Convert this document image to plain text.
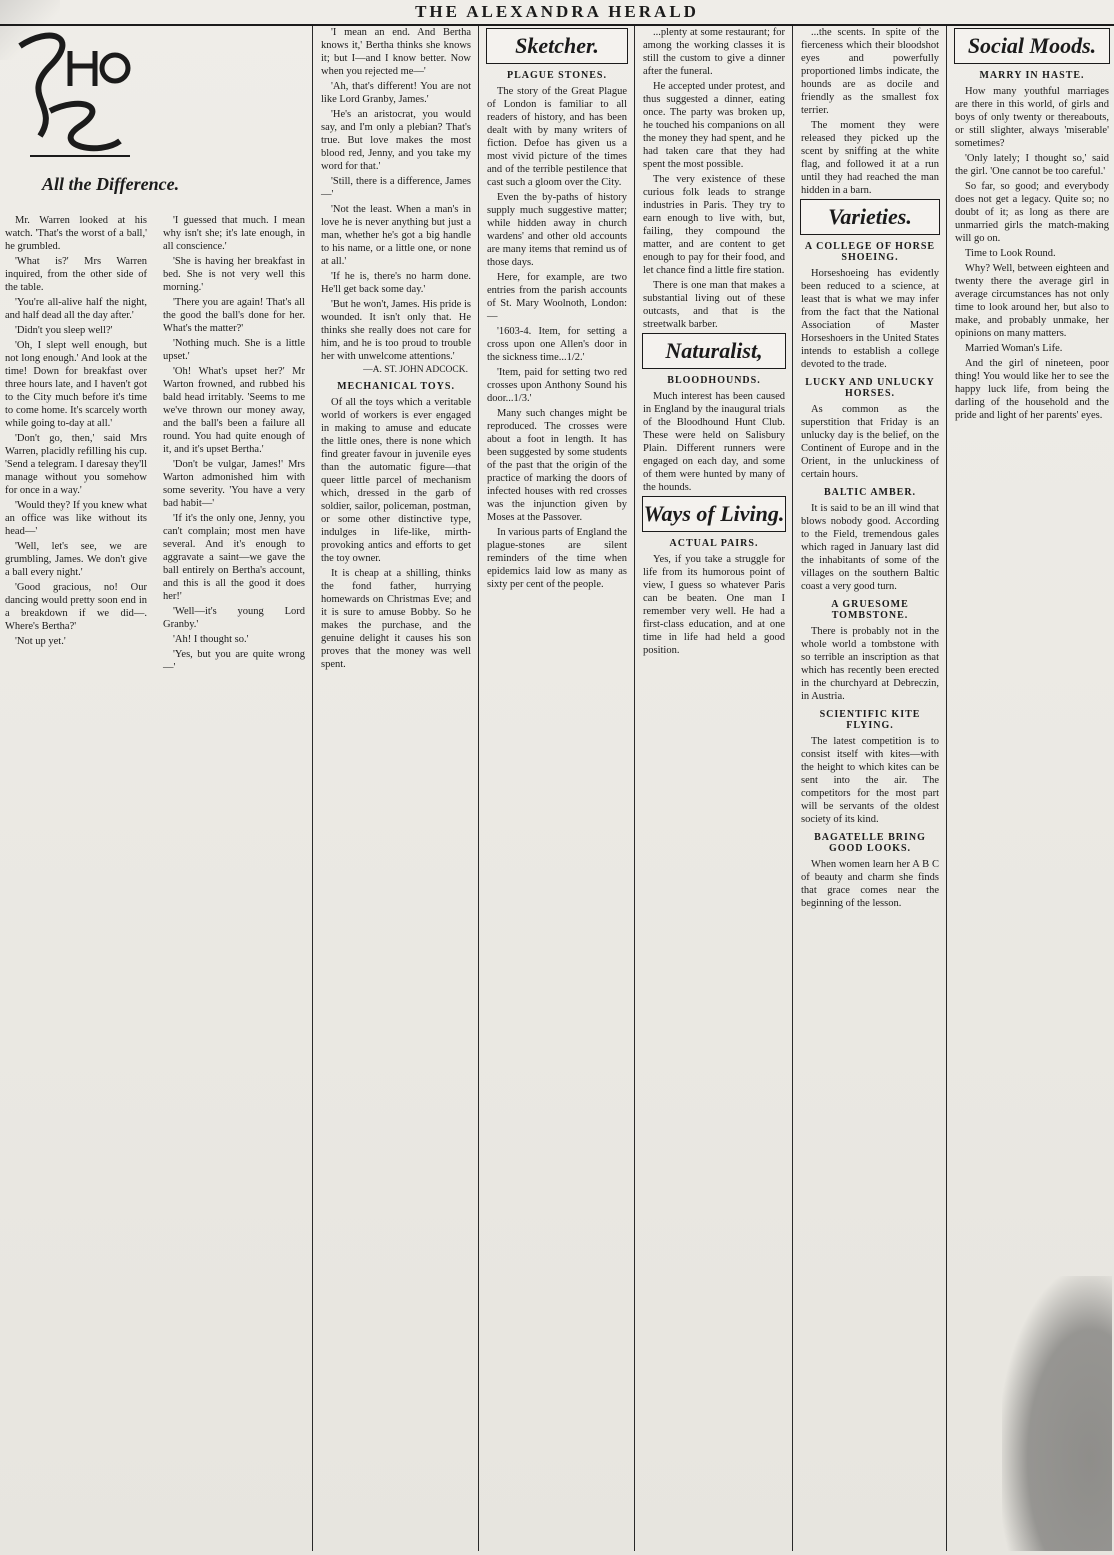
THE ALEXANDRA HERALD
All the Difference.

Mr. Warren looked at his watch. 'That's the worst of a ball,' he grumbled.

'What is?' Mrs Warren inquired, from the other side of the table.

'You're all-alive half the night, and half dead all the day after.'

'Didn't you sleep well?'

'Oh, I slept well enough, but not long enough.' And look at the time! Down for breakfast over three hours late, and I haven't got to the City much before it's time to come home. It's scarcely worth while going to-day at all.'

'Don't go, then,' said Mrs Warren, placidly refilling his cup. 'Send a telegram. I daresay they'll manage without you somehow for once in a way.'

'Would they? If you knew what an office was like without its head—'

'Well, let's see, we are grumbling, James. We don't give a ball every night.'

'Good gracious, no! Our dancing would pretty soon end in a breakdown if we did—. Where's Bertha?'

'Not up yet.'

'I guessed that much. I mean why isn't she; it's late enough, in all conscience.'

'She is having her breakfast in bed. She is not very well this morning.'

'There you are again! That's all the good the ball's done for her. What's the matter?'

'Nothing much. She is a little upset.'

'Oh! What's upset her?' Mr Warton frowned, and rubbed his bald head irritably. 'Seems to me we've thrown our money away, and the ball's been a failure all round. You had quite enough of it, and it's upset Bertha.'

'Don't be vulgar, James!' Mrs Warton admonished him with some severity. 'You have a very bad habit—'

'If it's the only one, Jenny, you can't complain; most men have several. And it's enough to aggravate a saint—we gave the ball entirely on Bertha's account, and this is all the good it does her!'

'Well—it's young Lord Granby.'

'Ah! I thought so.'

'Yes, but you are quite wrong—'

'I mean an end. And Bertha knows it,' Bertha thinks she knows it; but I—and I know better. Now when you rejected me—'

'Ah, that's different! You are not like Lord Granby, James.'

'He's an aristocrat, you would say, and I'm only a plebian? That's true. But love makes the most blood red, Jenny, and you take my word for that.'

'Still, there is a difference, James—'

'Not the least. When a man's in love he is never anything but just a man, whether he's got a big handle to his name, or a little one, or none at all.'

'If he is, there's no harm done. He'll get back some day.'

'But he won't, James. His pride is wounded. It isn't only that. He thinks she really does not care for him, and he is too proud to trouble her with unwelcome attentions.'

—A. ST. JOHN ADCOCK.

MECHANICAL TOYS.

Of all the toys which a veritable world of workers is ever engaged in making to amuse and educate the little ones, there is none which find greater favour in juvenile eyes than the automatic figure—that queer little parcel of mechanism which, dressed in the garb of soldier, sailor, policeman, postman, or some other distinctive type, indulges in life-like, mirth-provoking antics and efforts to get the toy owner.

It is cheap at a shilling, thinks the fond father, hurrying homewards on Christmas Eve; and it is sure to amuse Bobby. So he makes the purchase, and the genuine delight it causes his son proves that the money was well spent.

Sketcher.
PLAGUE STONES.

The story of the Great Plague of London is familiar to all readers of history, and has been dealt with by many writers of fiction. Defoe has given us a most vivid picture of the times and of the terrible pestilence that cast such a gloom over the City.

Even the by-paths of history supply much suggestive matter; while hidden away in church wardens' and other old accounts are many items that remind us of those days.

Here, for example, are two entries from the parish accounts of St. Mary Woolnoth, London:—

'1603-4. Item, for setting a cross upon one Allen's door in the sickness time...1/2.'

'Item, paid for setting two red crosses upon Anthony Sound his door...1/3.'

Many such changes might be reproduced. The crosses were about a foot in length. It has been suggested by some students of the past that the origin of the practice of marking the doors of infected houses with red crosses was the injunction given by Moses at the Passover.

In various parts of England the plague-stones are silent reminders of the time when epidemics laid low as many as sixty per cent of the people.

...plenty at some restaurant; for among the working classes it is still the custom to give a dinner after the funeral.

He accepted under protest, and thus suggested a dinner, eating once. The party was broken up, he touched his companions on all the money they had spent, and he had taken care that they had spent the most possible.

The very existence of these curious folk leads to strange industries in Paris. They try to earn enough to live with, but, failing, they compound the matter, and are content to get enough to pay for their food, and let chance find a little fire station.

There is one man that makes a substantial living out of these outcasts, and that is the streetwalk barber.

Naturalist,
BLOODHOUNDS.

Much interest has been caused in England by the inaugural trials of the Bloodhound Hunt Club. These were held on Salisbury Plain. Different runners were engaged on each day, and some of them were hunted by many of the hounds.

Ways of Living.
ACTUAL PAIRS.

Yes, if you take a struggle for life from its humorous point of view, I guess so whatever Paris can be beaten. One man I remember very well. He had a first-class education, and at one time in life had held a good position.

...the scents. In spite of the fierceness which their bloodshot eyes and powerfully proportioned limbs indicate, the hounds are as docile and friendly as the smallest fox terrier.

The moment they were released they picked up the scent by sniffing at the white flag, and followed it at a run until they had reached the man hidden in a barn.

Varieties.
A COLLEGE OF HORSE SHOEING.

Horseshoeing has evidently been reduced to a science, at least that is what we may infer from the fact that the National Association of Master Horseshoers in the United States intends to establish a college devoted to the trade.

LUCKY AND UNLUCKY HORSES.

As common as the superstition that Friday is an unlucky day is the belief, on the Continent of Europe and in the Orient, in the unluckiness of certain hours.

BALTIC AMBER.

It is said to be an ill wind that blows nobody good. According to the Field, tremendous gales which raged in January last did the inhabitants of some of the villages on the southern Baltic coast a very good turn.

A GRUESOME TOMBSTONE.

There is probably not in the whole world a tombstone with so terrible an inscription as that which has recently been erected in the churchyard at Debreczin, in Austria.

SCIENTIFIC KITE FLYING.

The latest competition is to consist itself with kites—with the height to which kites can be sent into the air. The competitors for the most part will be servants of the oldest society of its kind.

BAGATELLE BRING GOOD LOOKS.

When women learn her A B C of beauty and charm she finds that grace comes near the beginning of the lesson.

Social Moods.
MARRY IN HASTE.

How many youthful marriages are there in this world, of girls and boys of only twenty or thereabouts, or still slighter, always 'miserable' sometimes?

'Only lately; I thought so,' said the girl. 'One cannot be too careful.'

So far, so good; and everybody does not get a legacy. Quite so; no doubt of it; as long as there are unmarried girls the match-making will go on.

Time to Look Round.

Why? Well, between eighteen and twenty there the average girl in average circumstances has not only time to look around her, but also to make, and probably unmake, her opinions on many matters.

Married Woman's Life.

And the girl of nineteen, poor thing! You would like her to see the happy luck life, from being the darling of the household and the pride and light of her parents' eyes.
